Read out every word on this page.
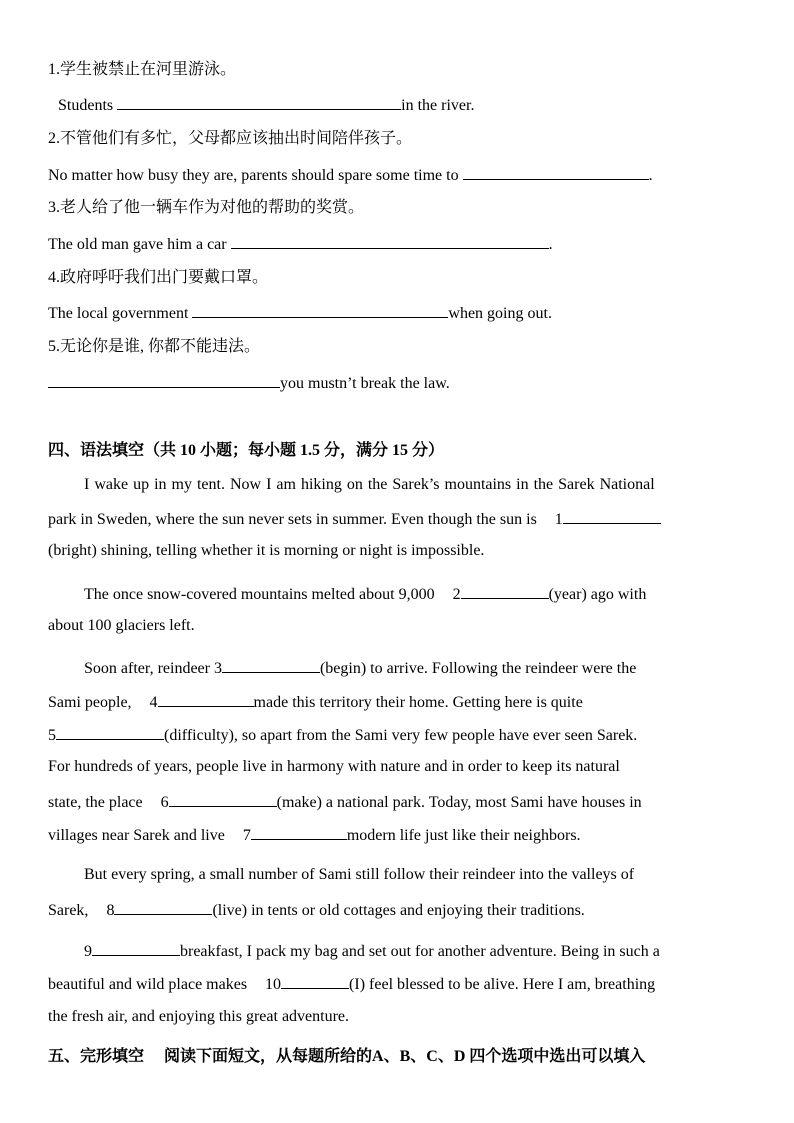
1.学生被禁止在河里游泳。
Students	in the river.
2.不管他们有多忙，父母都应该抽出时间陪伴孩子。
No matter how busy they are, parents should spare some time to	.
3.老人给了他一辆车作为对他的帮助的奖赏。
The old man gave him a car	.
4.政府呼吁我们出门要戴口罩。
The local government	when going out.
5.无论你是谁, 你都不能违法。
you mustn’t break the law.
四、语法填空（共 10 小题；每小题 1.5 分，满分 15 分）
I wake up in my tent. Now I am hiking on the Sarek’s mountains in the Sarek National
park in Sweden, where the sun never sets in summer. Even though the sun is 1
(bright) shining, telling whether it is morning or night is impossible.
The once snow-covered mountains melted about 9,000 2	(year) ago with
about 100 glaciers left.
Soon after, reindeer 3	(begin) to arrive. Following the reindeer were the
Sami people, 4	made this territory their home. Getting here is quite
5	(difficulty), so apart from the Sami very few people have ever seen Sarek.
For hundreds of years, people live in harmony with nature and in order to keep its natural
state, the place 6	(make) a national park. Today, most Sami have houses in
villages near Sarek and live 7	modern life just like their neighbors.
But every spring, a small number of Sami still follow their reindeer into the valleys of
Sarek, 8	(live) in tents or old cottages and enjoying their traditions.
9	breakfast, I pack my bag and set out for another adventure. Being in such a
beautiful and wild place makes 10	(I) feel blessed to be alive. Here I am, breathing
the fresh air, and enjoying this great adventure.
五、完形填空 阅读下面短文，从每题所给的A、B、C、D 四个选项中选出可以填入
